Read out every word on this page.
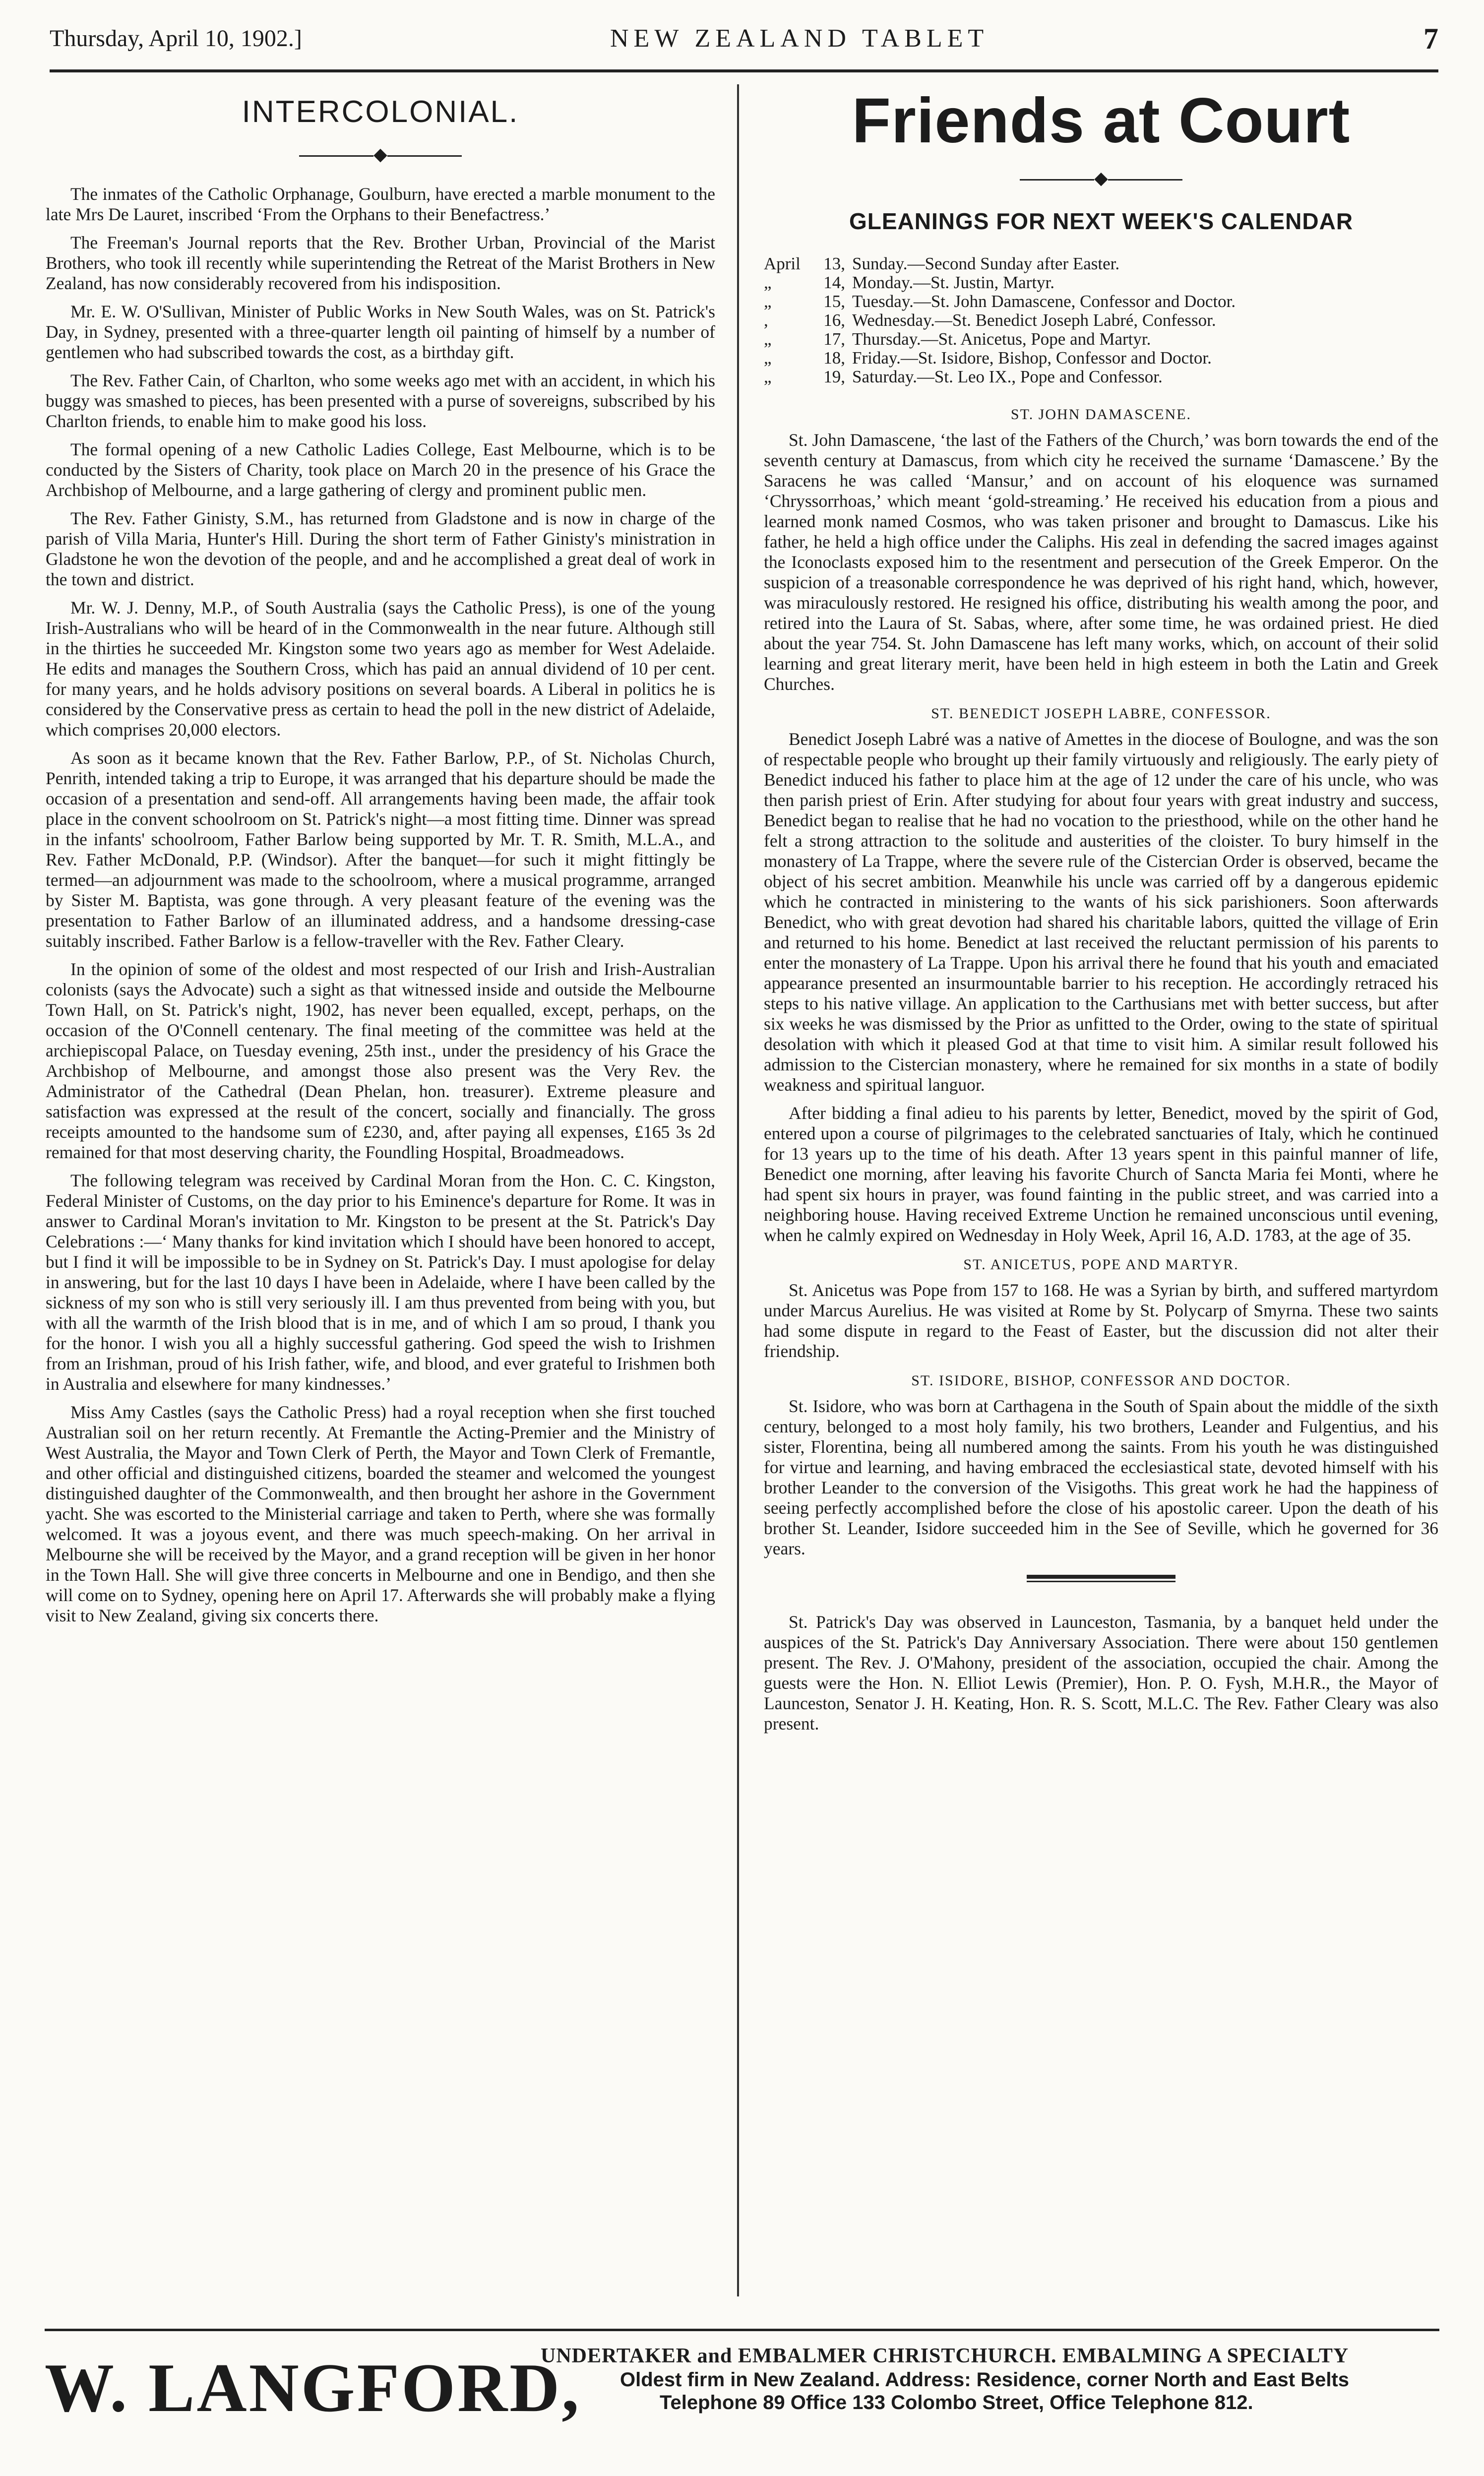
Thursday, April 10, 1902.]	NEW ZEALAND TABLET	7
INTERCOLONIAL.
◆

The inmates of the Catholic Orphanage, Goulburn, have erected a marble monument to the late Mrs De Lauret, inscribed ‘From the Orphans to their Benefactress.’

The Freeman's Journal reports that the Rev. Brother Urban, Provincial of the Marist Brothers, who took ill recently while superintending the Retreat of the Marist Brothers in New Zealand, has now considerably recovered from his indisposition.

Mr. E. W. O'Sullivan, Minister of Public Works in New South Wales, was on St. Patrick's Day, in Sydney, presented with a three-quarter length oil painting of himself by a number of gentlemen who had subscribed towards the cost, as a birthday gift.

The Rev. Father Cain, of Charlton, who some weeks ago met with an accident, in which his buggy was smashed to pieces, has been presented with a purse of sovereigns, subscribed by his Charlton friends, to enable him to make good his loss.

The formal opening of a new Catholic Ladies College, East Melbourne, which is to be conducted by the Sisters of Charity, took place on March 20 in the presence of his Grace the Archbishop of Melbourne, and a large gathering of clergy and prominent public men.

The Rev. Father Ginisty, S.M., has returned from Gladstone and is now in charge of the parish of Villa Maria, Hunter's Hill. During the short term of Father Ginisty's ministration in Gladstone he won the devotion of the people, and and he accomplished a great deal of work in the town and district.

Mr. W. J. Denny, M.P., of South Australia (says the Catholic Press), is one of the young Irish-Australians who will be heard of in the Commonwealth in the near future. Although still in the thirties he succeeded Mr. Kingston some two years ago as member for West Adelaide. He edits and manages the Southern Cross, which has paid an annual dividend of 10 per cent. for many years, and he holds advisory positions on several boards. A Liberal in politics he is considered by the Conservative press as certain to head the poll in the new district of Adelaide, which comprises 20,000 electors.

As soon as it became known that the Rev. Father Barlow, P.P., of St. Nicholas Church, Penrith, intended taking a trip to Europe, it was arranged that his departure should be made the occasion of a presentation and send-off. All arrangements having been made, the affair took place in the convent schoolroom on St. Patrick's night—a most fitting time. Dinner was spread in the infants' schoolroom, Father Barlow being supported by Mr. T. R. Smith, M.L.A., and Rev. Father McDonald, P.P. (Windsor). After the banquet—for such it might fittingly be termed—an adjournment was made to the schoolroom, where a musical programme, arranged by Sister M. Baptista, was gone through. A very pleasant feature of the evening was the presentation to Father Barlow of an illuminated address, and a handsome dressing-case suitably inscribed. Father Barlow is a fellow-traveller with the Rev. Father Cleary.

In the opinion of some of the oldest and most respected of our Irish and Irish-Australian colonists (says the Advocate) such a sight as that witnessed inside and outside the Melbourne Town Hall, on St. Patrick's night, 1902, has never been equalled, except, perhaps, on the occasion of the O'Connell centenary. The final meeting of the committee was held at the archiepiscopal Palace, on Tuesday evening, 25th inst., under the presidency of his Grace the Archbishop of Melbourne, and amongst those also present was the Very Rev. the Administrator of the Cathedral (Dean Phelan, hon. treasurer). Extreme pleasure and satisfaction was expressed at the result of the concert, socially and financially. The gross receipts amounted to the handsome sum of £230, and, after paying all expenses, £165 3s 2d remained for that most deserving charity, the Foundling Hospital, Broadmeadows.

The following telegram was received by Cardinal Moran from the Hon. C. C. Kingston, Federal Minister of Customs, on the day prior to his Eminence's departure for Rome. It was in answer to Cardinal Moran's invitation to Mr. Kingston to be present at the St. Patrick's Day Celebrations :—‘ Many thanks for kind invitation which I should have been honored to accept, but I find it will be impossible to be in Sydney on St. Patrick's Day. I must apologise for delay in answering, but for the last 10 days I have been in Adelaide, where I have been called by the sickness of my son who is still very seriously ill. I am thus prevented from being with you, but with all the warmth of the Irish blood that is in me, and of which I am so proud, I thank you for the honor. I wish you all a highly successful gathering. God speed the wish to Irishmen from an Irishman, proud of his Irish father, wife, and blood, and ever grateful to Irishmen both in Australia and elsewhere for many kindnesses.’

Miss Amy Castles (says the Catholic Press) had a royal reception when she first touched Australian soil on her return recently. At Fremantle the Acting-Premier and the Ministry of West Australia, the Mayor and Town Clerk of Perth, the Mayor and Town Clerk of Fremantle, and other official and distinguished citizens, boarded the steamer and welcomed the youngest distinguished daughter of the Commonwealth, and then brought her ashore in the Government yacht. She was escorted to the Ministerial carriage and taken to Perth, where she was formally welcomed. It was a joyous event, and there was much speech-making. On her arrival in Melbourne she will be received by the Mayor, and a grand reception will be given in her honor in the Town Hall. She will give three concerts in Melbourne and one in Bendigo, and then she will come on to Sydney, opening here on April 17. Afterwards she will probably make a flying visit to New Zealand, giving six concerts there.

Friends at Court
◆
GLEANINGS FOR NEXT WEEK'S CALENDAR
April	13, Sunday.—Second Sunday after Easter.
„	14, Monday.—St. Justin, Martyr.
„	15, Tuesday.—St. John Damascene, Confessor and Doctor.
,	16, Wednesday.—St. Benedict Joseph Labré, Confessor.
„	17, Thursday.—St. Anicetus, Pope and Martyr.
„	18, Friday.—St. Isidore, Bishop, Confessor and Doctor.
„	19, Saturday.—St. Leo IX., Pope and Confessor.
ST. JOHN DAMASCENE.

St. John Damascene, ‘the last of the Fathers of the Church,’ was born towards the end of the seventh century at Damascus, from which city he received the surname ‘Damascene.’ By the Saracens he was called ‘Mansur,’ and on account of his eloquence was surnamed ‘Chryssorrhoas,’ which meant ‘gold-streaming.’ He received his education from a pious and learned monk named Cosmos, who was taken prisoner and brought to Damascus. Like his father, he held a high office under the Caliphs. His zeal in defending the sacred images against the Iconoclasts exposed him to the resentment and persecution of the Greek Emperor. On the suspicion of a treasonable correspondence he was deprived of his right hand, which, however, was miraculously restored. He resigned his office, distributing his wealth among the poor, and retired into the Laura of St. Sabas, where, after some time, he was ordained priest. He died about the year 754. St. John Damascene has left many works, which, on account of their solid learning and great literary merit, have been held in high esteem in both the Latin and Greek Churches.

ST. BENEDICT JOSEPH LABRE, CONFESSOR.

Benedict Joseph Labré was a native of Amettes in the diocese of Boulogne, and was the son of respectable people who brought up their family virtuously and religiously. The early piety of Benedict induced his father to place him at the age of 12 under the care of his uncle, who was then parish priest of Erin. After studying for about four years with great industry and success, Benedict began to realise that he had no vocation to the priesthood, while on the other hand he felt a strong attraction to the solitude and austerities of the cloister. To bury himself in the monastery of La Trappe, where the severe rule of the Cistercian Order is observed, became the object of his secret ambition. Meanwhile his uncle was carried off by a dangerous epidemic which he contracted in ministering to the wants of his sick parishioners. Soon afterwards Benedict, who with great devotion had shared his charitable labors, quitted the village of Erin and returned to his home. Benedict at last received the reluctant permission of his parents to enter the monastery of La Trappe. Upon his arrival there he found that his youth and emaciated appearance presented an insurmountable barrier to his reception. He accordingly retraced his steps to his native village. An application to the Carthusians met with better success, but after six weeks he was dismissed by the Prior as unfitted to the Order, owing to the state of spiritual desolation with which it pleased God at that time to visit him. A similar result followed his admission to the Cistercian monastery, where he remained for six months in a state of bodily weakness and spiritual languor.

After bidding a final adieu to his parents by letter, Benedict, moved by the spirit of God, entered upon a course of pilgrimages to the celebrated sanctuaries of Italy, which he continued for 13 years up to the time of his death. After 13 years spent in this painful manner of life, Benedict one morning, after leaving his favorite Church of Sancta Maria fei Monti, where he had spent six hours in prayer, was found fainting in the public street, and was carried into a neighboring house. Having received Extreme Unction he remained unconscious until evening, when he calmly expired on Wednesday in Holy Week, April 16, A.D. 1783, at the age of 35.

ST. ANICETUS, POPE AND MARTYR.

St. Anicetus was Pope from 157 to 168. He was a Syrian by birth, and suffered martyrdom under Marcus Aurelius. He was visited at Rome by St. Polycarp of Smyrna. These two saints had some dispute in regard to the Feast of Easter, but the discussion did not alter their friendship.

ST. ISIDORE, BISHOP, CONFESSOR AND DOCTOR.

St. Isidore, who was born at Carthagena in the South of Spain about the middle of the sixth century, belonged to a most holy family, his two brothers, Leander and Fulgentius, and his sister, Florentina, being all numbered among the saints. From his youth he was distinguished for virtue and learning, and having embraced the ecclesiastical state, devoted himself with his brother Leander to the conversion of the Visigoths. This great work he had the happiness of seeing perfectly accomplished before the close of his apostolic career. Upon the death of his brother St. Leander, Isidore succeeded him in the See of Seville, which he governed for 36 years.

St. Patrick's Day was observed in Launceston, Tasmania, by a banquet held under the auspices of the St. Patrick's Day Anniversary Association. There were about 150 gentlemen present. The Rev. J. O'Mahony, president of the association, occupied the chair. Among the guests were the Hon. N. Elliot Lewis (Premier), Hon. P. O. Fysh, M.H.R., the Mayor of Launceston, Senator J. H. Keating, Hon. R. S. Scott, M.L.C. The Rev. Father Cleary was also present.

W. LANGFORD,
UNDERTAKER and EMBALMER CHRISTCHURCH. EMBALMING A SPECIALTY
Oldest firm in New Zealand. Address: Residence, corner North and East Belts
Telephone 89 Office 133 Colombo Street, Office Telephone 812.
